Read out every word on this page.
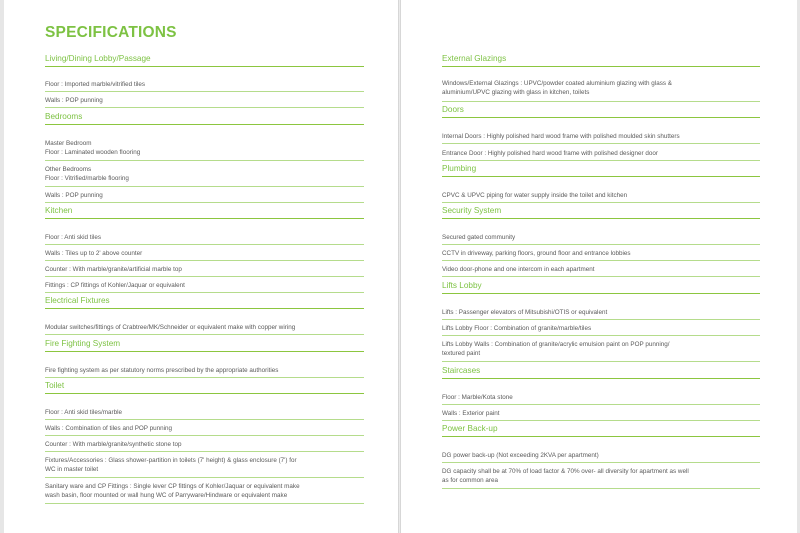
SPECIFICATIONS
Living/Dining Lobby/Passage
Floor : Imported marble/vitrified tiles
Walls : POP punning
Bedrooms
Master Bedroom
Floor : Laminated wooden flooring
Other Bedrooms
Floor : Vitrified/marble flooring
Walls : POP punning
Kitchen
Floor : Anti skid tiles
Walls : Tiles up to 2' above counter
Counter : With marble/granite/artificial marble top
Fittings : CP fittings of Kohler/Jaquar or equivalent
Electrical Fixtures
Modular switches/fittings of Crabtree/MK/Schneider or equivalent make with copper wiring
Fire Fighting System
Fire fighting system as per statutory norms prescribed by the appropriate authorities
Toilet
Floor : Anti skid tiles/marble
Walls : Combination of tiles and POP punning
Counter : With marble/granite/synthetic stone top
Fixtures/Accessories : Glass shower-partition in toilets (7' height) & glass enclosure (7') for
WC in master toilet
Sanitary ware and CP Fittings : Single lever CP fittings of Kohler/Jaquar or equivalent make
wash basin, floor mounted or wall hung WC of Parryware/Hindware or equivalent make
External Glazings
Windows/External Glazings : UPVC/powder coated aluminium glazing with glass &
aluminium/UPVC glazing with glass in kitchen, toilets
Doors
Internal Doors : Highly polished hard wood frame with polished moulded skin shutters
Entrance Door : Highly polished hard wood frame with polished designer door
Plumbing
CPVC & UPVC piping for water supply inside the toilet and kitchen
Security System
Secured gated community
CCTV in driveway, parking floors, ground floor and entrance lobbies
Video door-phone and one intercom in each apartment
Lifts Lobby
Lifts : Passenger elevators of Mitsubishi/OTIS or equivalent
Lifts Lobby Floor : Combination of granite/marble/tiles
Lifts Lobby Walls : Combination of granite/acrylic emulsion paint on POP punning/
textured paint
Staircases
Floor : Marble/Kota stone
Walls : Exterior paint
Power Back-up
DG power back-up (Not exceeding 2KVA per apartment)
DG capacity shall be at 70% of load factor & 70% over- all diversity for apartment as well
as for common area
